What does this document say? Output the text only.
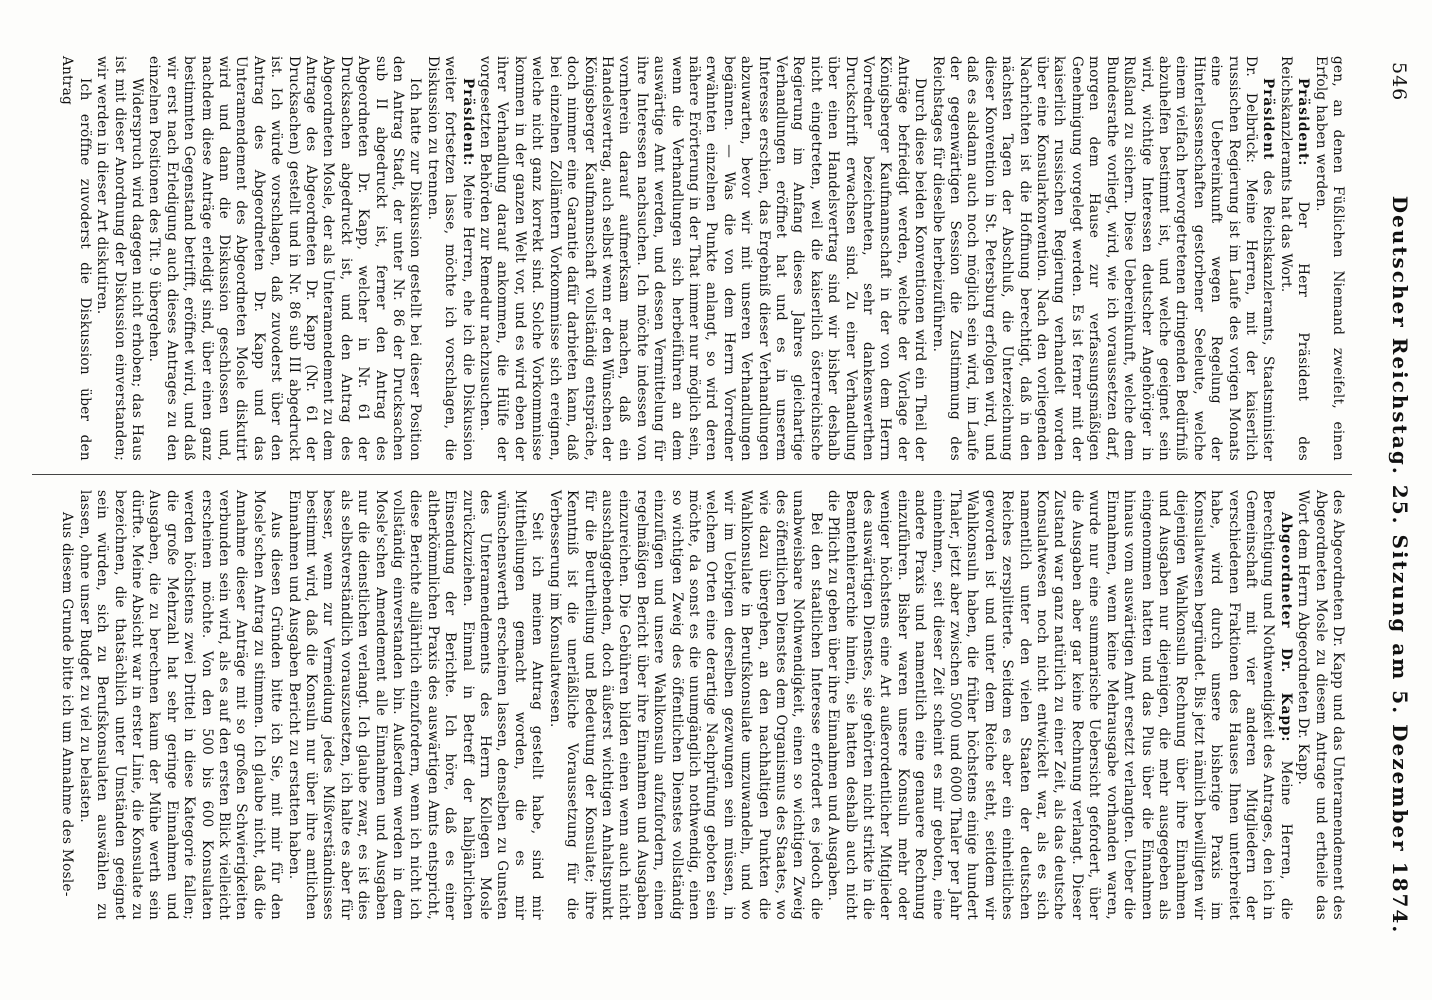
546
Deutscher Reichstag. 25. Sitzung am 5. Dezember 1874.

gen, an denen Füßlichen Niemand zweifelt, einen Erfolg haben werden.

Präsident: Der Herr Präsident des Reichskanzleramts hat das Wort.

Präsident des Reichskanzleramts, Staatsminister Dr. Delbrück: Meine Herren, mit der kaiserlich russischen Regierung ist im Laufe des vorigen Monats eine Uebereinkunft wegen Regelung der Hinterlassenschaften gestorbener Seeleute, welche einem vielfach hervorgetretenen dringenden Bedürfniß abzuhelfen bestimmt ist, und welche geeignet sein wird, wichtige Interessen deutscher Angehöriger in Rußland zu sichern. Diese Uebereinkunft, welche dem Bundesrathe vorliegt, wird, wie ich voraussetzen darf, morgen dem Hause zur verfassungsmäßigen Genehmigung vorgelegt werden. Es ist ferner mit der kaiserlich russischen Regierung verhandelt worden über eine Konsularkonvention. Nach den vorliegenden Nachrichten ist die Hoffnung berechtigt, daß in den nächsten Tagen der Abschluß, die Unterzeichnung dieser Konvention in St. Petersburg erfolgen wird, und daß es alsdann auch noch möglich sein wird, im Laufe der gegenwärtigen Session die Zustimmung des Reichstages für dieselbe herbeizuführen.

Durch diese beiden Konventionen wird ein Theil der Anträge befriedigt werden, welche der Vorlage der Königsberger Kaufmannschaft in der von dem Herrn Vorredner bezeichneten, sehr dankenswerthen Druckschrift erwachsen sind. Zu einer Verhandlung über einen Handelsvertrag sind wir bisher deshalb nicht eingetreten, weil die kaiserlich österreichische Regierung im Anfang dieses Jahres gleichartige Verhandlungen eröffnet hat und es in unserem Interesse erschien, das Ergebniß dieser Verhandlungen abzuwarten, bevor wir mit unseren Verhandlungen begännen. — Was die von dem Herrn Vorredner erwähnten einzelnen Punkte anlangt, so wird deren nähere Erörterung in der That immer nur möglich sein, wenn die Verhandlungen sich herbeiführen an dem auswärtige Amt werden, und dessen Vermittelung für ihre Interessen nachsuchen. Ich möchte indessen von vornherein darauf aufmerksam machen, daß ein Handelsvertrag, auch selbst wenn er den Wünschen der Königsberger Kaufmannschaft vollständig entspräche, doch nimmer eine Garantie dafür darbieten kann, daß bei einzelnen Zollämtern Vorkommnisse sich ereignen, welche nicht ganz korrekt sind. Solche Vorkommnisse kommen in der ganzen Welt vor, und es wird eben der ihrer Verhandlung darauf ankommen, die Hülfe der vorgesetzten Behörden zur Remedur nachzusuchen.

Präsident: Meine Herren, ehe ich die Diskussion weiter fortsetzen lasse, möchte ich vorschlagen, die Diskussion zu trennen.

Ich hatte zur Diskussion gestellt bei dieser Position den Antrag Stadt, der unter Nr. 86 der Drucksachen sub II abgedruckt ist, ferner den Antrag des Abgeordneten Dr. Kapp, welcher in Nr. 61 der Drucksachen abgedruckt ist, und den Antrag des Abgeordneten Mosle, der als Unteramendement zu dem Antrage des Abgeordneten Dr. Kapp (Nr. 61 der Drucksachen) gestellt und in Nr. 86 sub III abgedruckt ist. Ich würde vorschlagen, daß zuvoderst über den Antrag des Abgeordneten Dr. Kapp und das Unteramendement des Abgeordneten Mosle diskutirt wird und dann die Diskussion geschlossen und, nachdem diese Anträge erledigt sind, über einen ganz bestimmten Gegenstand betrifft, eröffnet wird, und daß wir erst nach Erledigung auch dieses Antrages zu den einzelnen Positionen des Tit. 9 übergehen.

Widerspruch wird dagegen nicht erhoben; das Haus ist mit dieser Anordnung der Diskussion einverstanden; wir werden in dieser Art diskutiren.

Ich eröffne zuvoderst die Diskussion über den Antrag

des Abgeordneten Dr. Kapp und das Unteramendement des Abgeordneten Mosle zu diesem Antrage und ertheile das Wort dem Herrn Abgeordneten Dr. Kapp.

Abgeordneter Dr. Kapp: Meine Herren, die Berechtigung und Nothwendigkeit des Antrages, den ich in Gemeinschaft mit vier anderen Mitgliedern der verschiedenen Fraktionen des Hauses Ihnen unterbreitet habe, wird durch unsere bisherige Praxis im Konsulatwesen begründet. Bis jetzt nämlich bewilligten wir diejenigen Wahlkonsuln Rechnung über ihre Einnahmen und Ausgaben nur diejenigen, die mehr ausgegeben als eingenommen hatten und das Plus über die Einnahmen hinaus vom auswärtigen Amt ersetzt verlangten. Ueber die Einnahmen, wenn keine Mehrausgabe vorhanden waren, wurde nur eine summarische Uebersicht gefordert, über die Ausgaben aber gar keine Rechnung verlangt. Dieser Zustand war ganz natürlich zu einer Zeit, als das deutsche Konsulatwesen noch nicht entwickelt war, als es sich namentlich unter den vielen Staaten der deutschen Reiches zersplitterte. Seitdem es aber ein einheitliches geworden ist und unter dem Reiche steht, seitdem wir Wahlkonsuln haben, die früher höchstens einige hundert Thaler, jetzt aber zwischen 5000 und 6000 Thaler per Jahr einnehmen, seit dieser Zeit scheint es mir geboten, eine andere Praxis und namentlich eine genauere Rechnung einzuführen. Bisher waren unsere Konsuln mehr oder weniger höchstens eine Art außerordentlicher Mitglieder des auswärtigen Dienstes, sie gehörten nicht strikte in die Beamtenhierarchie hinein, sie hatten deshalb auch nicht die Pflicht zu geben über ihre Einnahmen und Ausgaben.

Bei den staatlichen Interesse erfordert es jedoch die unabweisbare Nothwendigkeit, einen so wichtigen Zweig des öffentlichen Dienstes dem Organismus des Staates, wo wie dazu übergehen, an den nachhaltigen Punkten die Wahlkonsulate in Berufskonsulate umzuwandeln, und wo wir im Uebrigen derselben gezwungen sein müssen, in welchem Orten eine derartige Nachprüfung geboten sein möchte, da sonst es die unumgänglich nothwendig, einen so wichtigen Zweig des öffentlichen Dienstes vollständig einzufügen und unsere Wahlkonsuln aufzufordern, einen regelmäßigen Bericht über ihre Einnahmen und Ausgaben einzureichen. Die Gebühren bilden einen wenn auch nicht ausschlaggebenden, doch äußerst wichtigen Anhaltspunkt für die Beurtheilung und Bedeutung der Konsulate; ihre Kenntniß ist die unerläßliche Voraussetzung für die Verbesserung im Konsulatwesen.

Seit ich meinen Antrag gestellt habe, sind mir Mittheilungen gemacht worden, die es mir wünschenswerth erscheinen lassen, denselben zu Gunsten des Unteramendements des Herrn Kollegen Mosle zurückzuziehen. Einmal in Betreff der halbjährlichen Einsendung der Berichte. Ich höre, daß es einer altherkömmlichen Praxis des auswärtigen Amts entspricht, diese Berichte alljährlich einzufordern, wenn ich nicht ich vollständig einverstanden bin. Außerdem werden in dem Mosle'schen Amendement alle Einnahmen und Ausgaben nur die dienstlichen verlangt. Ich glaube zwar, es ist dies als selbstverständlich vorauszusetzen, ich halte es aber für besser, wenn zur Vermeidung jedes Mißverständnisses bestimmt wird, daß die Konsuln nur über ihre amtlichen Einnahmen und Ausgaben Bericht zu erstatten haben.

Aus diesen Gründen bitte ich Sie, mit mir für den Mosle'schen Antrag zu stimmen. Ich glaube nicht, daß die Annahme dieser Anträge mit so großen Schwierigkeiten verbunden sein wird, als es auf den ersten Blick vielleicht erscheinen möchte. Von den 500 bis 600 Konsulaten werden höchstens zwei Drittel in diese Kategorie fallen; die große Mehrzahl hat sehr geringe Einnahmen und Ausgaben, die zu berechnen kaum der Mühe werth sein dürfte. Meine Absicht war in erster Linie, die Konsulate zu bezeichnen, die thatsächlich unter Umständen geeignet sein würden, sich zu Berufskonsulaten auswählen zu lassen, ohne unser Budget zu viel zu belasten.

Aus diesem Grunde bitte ich um Annahme des Mosle-
